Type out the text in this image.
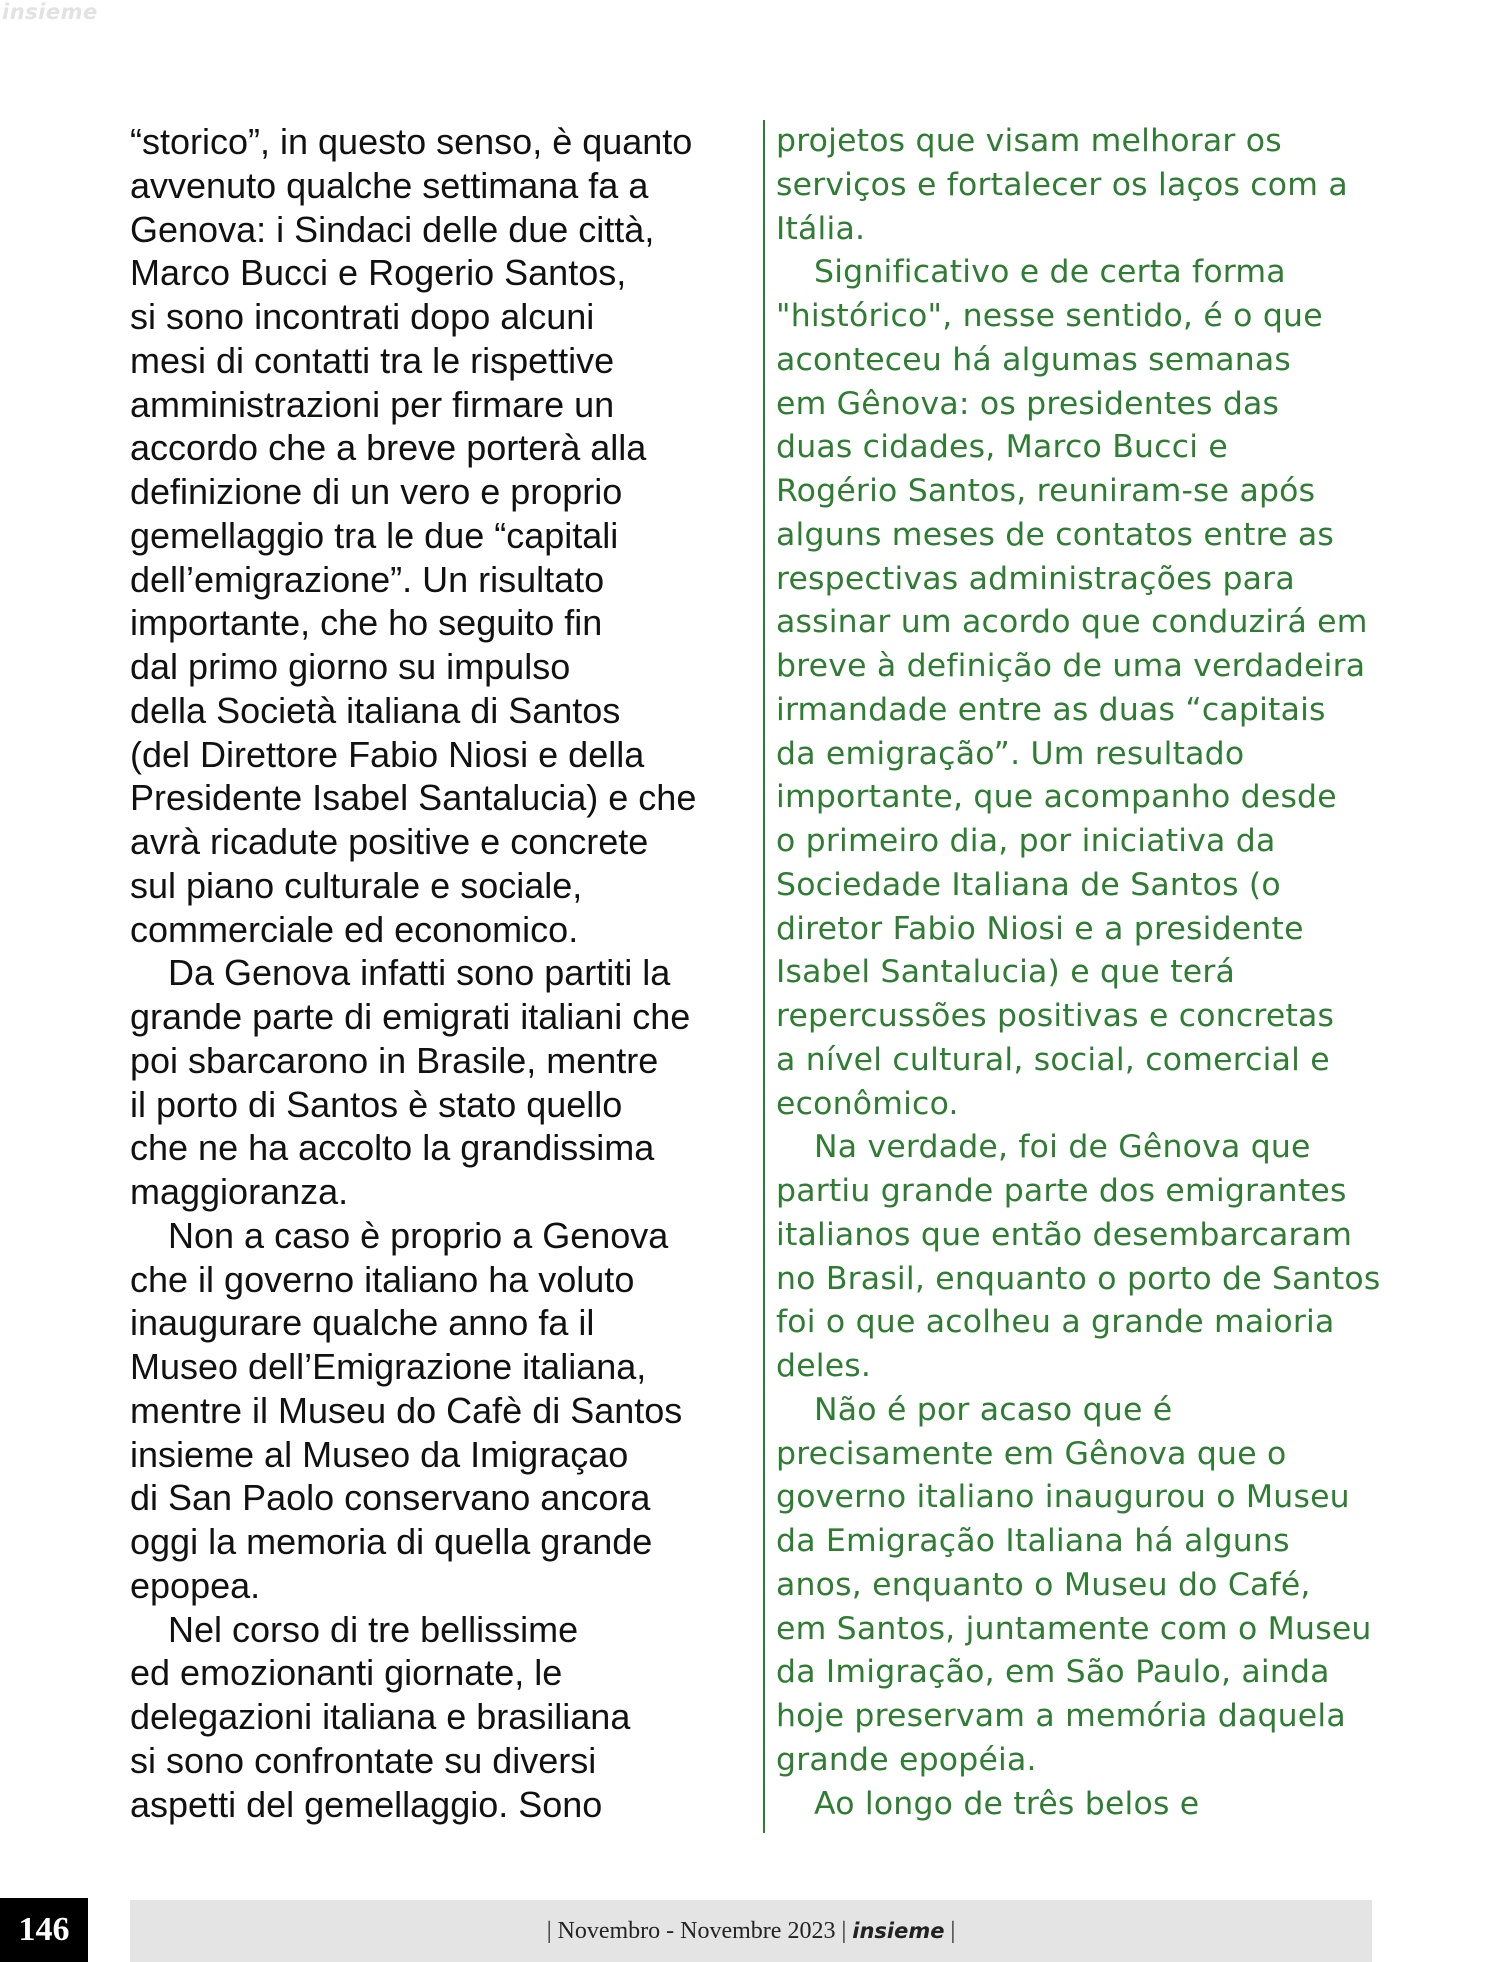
insieme
“storico”, in questo senso, è quanto
avvenuto qualche settimana fa a
Genova: i Sindaci delle due città,
Marco Bucci e Rogerio Santos,
si sono incontrati dopo alcuni
mesi di contatti tra le rispettive
amministrazioni per firmare un
accordo che a breve porterà alla
definizione di un vero e proprio
gemellaggio tra le due “capitali
dell’emigrazione”. Un risultato
importante, che ho seguito fin
dal primo giorno su impulso
della Società italiana di Santos
(del Direttore Fabio Niosi e della
Presidente Isabel Santalucia) e che
avrà ricadute positive e concrete
sul piano culturale e sociale,
commerciale ed economico.
Da Genova infatti sono partiti la
grande parte di emigrati italiani che
poi sbarcarono in Brasile, mentre
il porto di Santos è stato quello
che ne ha accolto la grandissima
maggioranza.
Non a caso è proprio a Genova
che il governo italiano ha voluto
inaugurare qualche anno fa il
Museo dell’Emigrazione italiana,
mentre il Museu do Cafè di Santos
insieme al Museo da Imigraçao
di San Paolo conservano ancora
oggi la memoria di quella grande
epopea.
Nel corso di tre bellissime
ed emozionanti giornate, le
delegazioni italiana e brasiliana
si sono confrontate su diversi
aspetti del gemellaggio. Sono
projetos que visam melhorar os
serviços e fortalecer os laços com a
Itália.
Significativo e de certa forma
"histórico", nesse sentido, é o que
aconteceu há algumas semanas
em Gênova: os presidentes das
duas cidades, Marco Bucci e
Rogério Santos, reuniram-se após
alguns meses de contatos entre as
respectivas administrações para
assinar um acordo que conduzirá em
breve à definição de uma verdadeira
irmandade entre as duas “capitais
da emigração”. Um resultado
importante, que acompanho desde
o primeiro dia, por iniciativa da
Sociedade Italiana de Santos (o
diretor Fabio Niosi e a presidente
Isabel Santalucia) e que terá
repercussões positivas e concretas
a nível cultural, social, comercial e
econômico.
Na verdade, foi de Gênova que
partiu grande parte dos emigrantes
italianos que então desembarcaram
no Brasil, enquanto o porto de Santos
foi o que acolheu a grande maioria
deles.
Não é por acaso que é
precisamente em Gênova que o
governo italiano inaugurou o Museu
da Emigração Italiana há alguns
anos, enquanto o Museu do Café,
em Santos, juntamente com o Museu
da Imigração, em São Paulo, ainda
hoje preservam a memória daquela
grande epopéia.
Ao longo de três belos e
146	| Novembro - Novembre 2023 | insieme |
